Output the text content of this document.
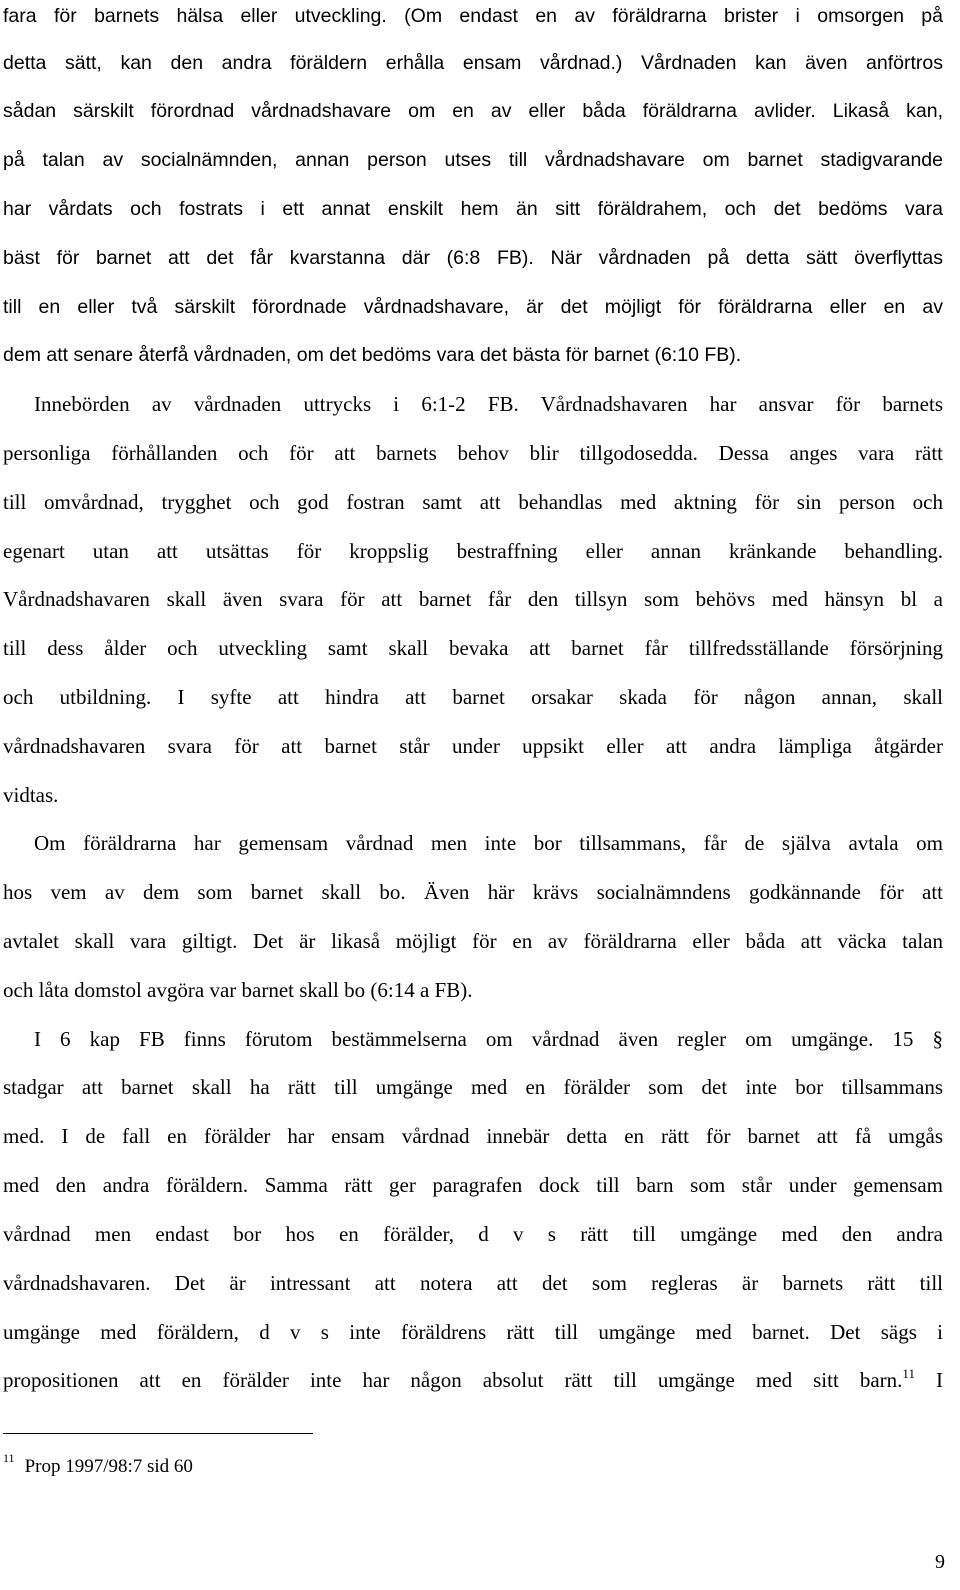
fara för barnets hälsa eller utveckling. (Om endast en av föräldrarna brister i omsorgen på
detta sätt, kan den andra föräldern erhålla ensam vårdnad.) Vårdnaden kan även anförtros
sådan särskilt förordnad vårdnadshavare om en av eller båda föräldrarna avlider. Likaså kan,
på talan av socialnämnden, annan person utses till vårdnadshavare om barnet stadigvarande
har vårdats och fostrats i ett annat enskilt hem än sitt föräldrahem, och det bedöms vara
bäst för barnet att det får kvarstanna där (6:8 FB). När vårdnaden på detta sätt överflyttas
till en eller två särskilt förordnade vårdnadshavare, är det möjligt för föräldrarna eller en av
dem att senare återfå vårdnaden, om det bedöms vara det bästa för barnet (6:10 FB).
Innebörden av vårdnaden uttrycks i 6:1-2 FB. Vårdnadshavaren har ansvar för barnets
personliga förhållanden och för att barnets behov blir tillgodosedda. Dessa anges vara rätt
till omvårdnad, trygghet och god fostran samt att behandlas med aktning för sin person och
egenart utan att utsättas för kroppslig bestraffning eller annan kränkande behandling.
Vårdnadshavaren skall även svara för att barnet får den tillsyn som behövs med hänsyn bl a
till dess ålder och utveckling samt skall bevaka att barnet får tillfredsställande försörjning
och utbildning. I syfte att hindra att barnet orsakar skada för någon annan, skall
vårdnadshavaren svara för att barnet står under uppsikt eller att andra lämpliga åtgärder
vidtas.
Om föräldrarna har gemensam vårdnad men inte bor tillsammans, får de själva avtala om
hos vem av dem som barnet skall bo. Även här krävs socialnämndens godkännande för att
avtalet skall vara giltigt. Det är likaså möjligt för en av föräldrarna eller båda att väcka talan
och låta domstol avgöra var barnet skall bo (6:14 a FB).
I 6 kap FB finns förutom bestämmelserna om vårdnad även regler om umgänge. 15 §
stadgar att barnet skall ha rätt till umgänge med en förälder som det inte bor tillsammans
med. I de fall en förälder har ensam vårdnad innebär detta en rätt för barnet att få umgås
med den andra föräldern. Samma rätt ger paragrafen dock till barn som står under gemensam
vårdnad men endast bor hos en förälder, d v s rätt till umgänge med den andra
vårdnadshavaren. Det är intressant att notera att det som regleras är barnets rätt till
umgänge med föräldern, d v s inte föräldrens rätt till umgänge med barnet. Det sägs i
propositionen att en förälder inte har någon absolut rätt till umgänge med sitt barn.$^{11}$ I
$^{11}$ Prop 1997/98:7 sid 60
9
